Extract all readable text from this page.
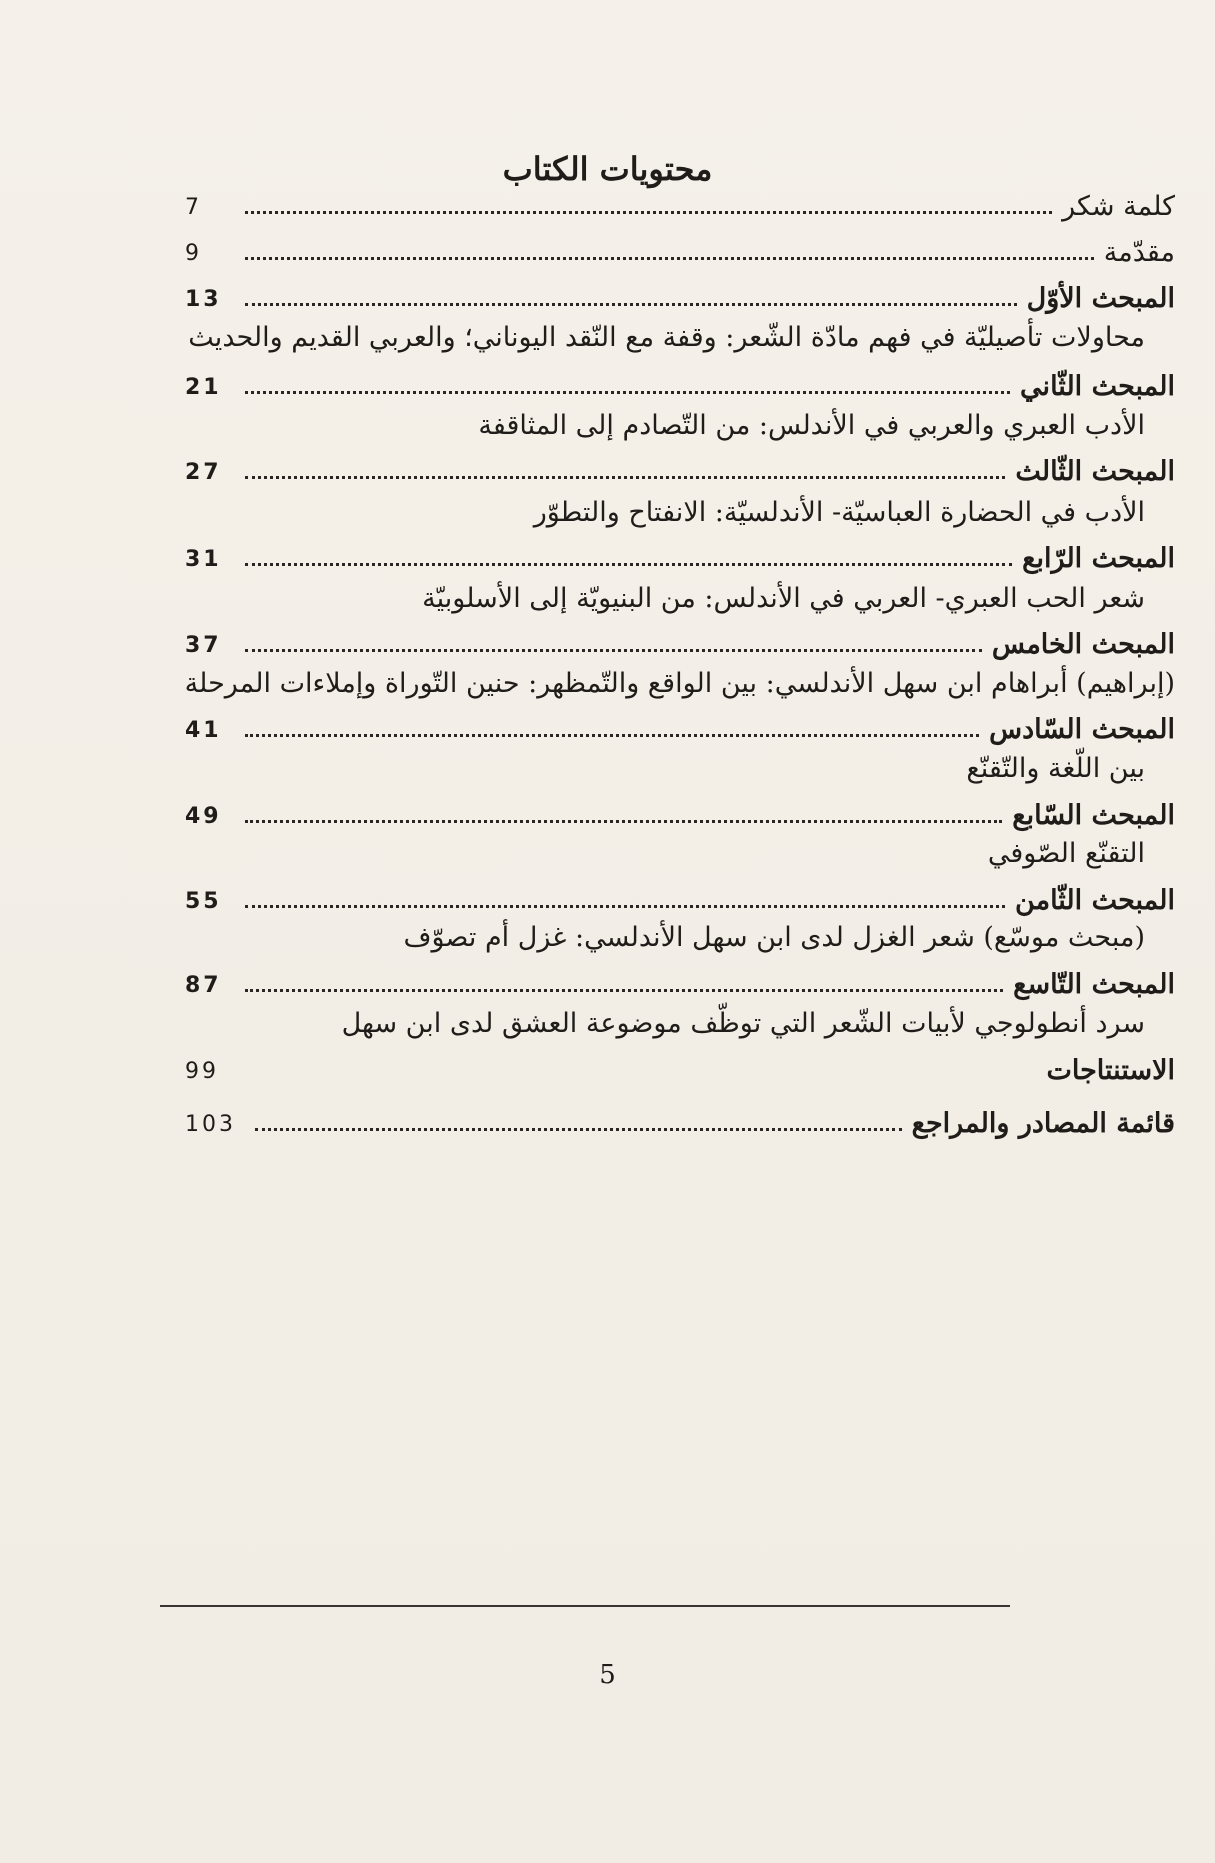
محتويات الكتاب
7	كلمة شكر
9	مقدّمة
13	المبحث الأوّل
محاولات تأصيليّة في فهم مادّة الشّعر: وقفة مع النّقد اليوناني؛ والعربي القديم والحديث
21	المبحث الثّاني
الأدب العبري والعربي في الأندلس: من التّصادم إلى المثاقفة
27	المبحث الثّالث
الأدب في الحضارة العباسيّة- الأندلسيّة: الانفتاح والتطوّر
31	المبحث الرّابع
شعر الحب العبري- العربي في الأندلس: من البنيويّة إلى الأسلوبيّة
37	المبحث الخامس
(إبراهيم) أبراهام ابن سهل الأندلسي: بين الواقع والتّمظهر: حنين التّوراة وإملاءات المرحلة
41	المبحث السّادس
بين اللّغة والتّقنّع
49	المبحث السّابع
التقنّع الصّوفي
55	المبحث الثّامن
(مبحث موسّع) شعر الغزل لدى ابن سهل الأندلسي: غزل أم تصوّف
87	المبحث التّاسع
سرد أنطولوجي لأبيات الشّعر التي توظّف موضوعة العشق لدى ابن سهل
99	الاستنتاجات
103	قائمة المصادر والمراجع
5
